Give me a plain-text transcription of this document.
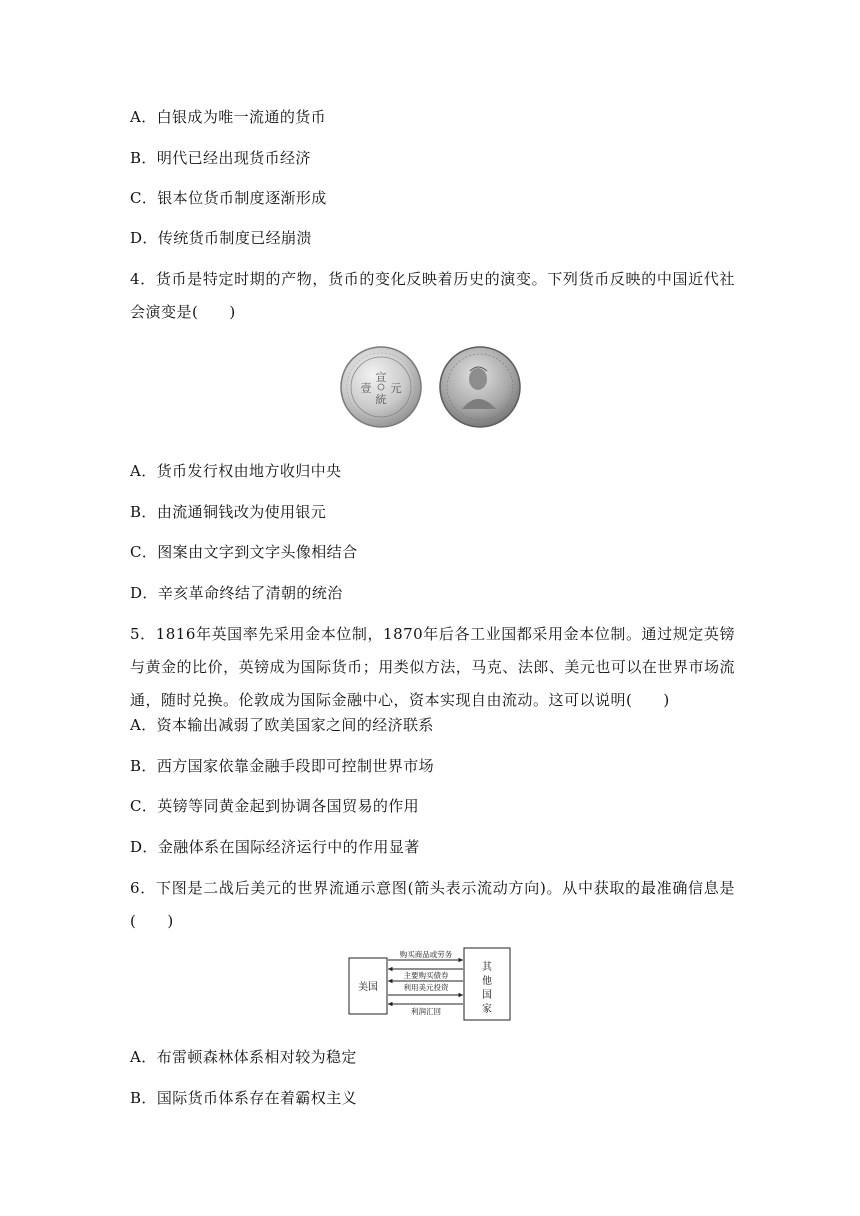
A．白银成为唯一流通的货币
B．明代已经出现货币经济
C．银本位货币制度逐渐形成
D．传统货币制度已经崩溃
4．货币是特定时期的产物，货币的变化反映着历史的演变。下列货币反映的中国近代社会演变是(　　)
宣
元
壹
統
A．货币发行权由地方收归中央
B．由流通铜钱改为使用银元
C．图案由文字到文字头像相结合
D．辛亥革命终结了清朝的统治
5．1816年英国率先采用金本位制，1870年后各工业国都采用金本位制。通过规定英镑与黄金的比价，英镑成为国际货币；用类似方法，马克、法郎、美元也可以在世界市场流通，随时兑换。伦敦成为国际金融中心，资本实现自由流动。这可以说明(　　)
A．资本输出减弱了欧美国家之间的经济联系
B．西方国家依靠金融手段即可控制世界市场
C．英镑等同黄金起到协调各国贸易的作用
D．金融体系在国际经济运行中的作用显著
6．下图是二战后美元的世界流通示意图(箭头表示流动方向)。从中获取的最准确信息是(　　)
美国
其
他
国
家
其他国家
购买商品或劳务
主要购买债券
利用美元投资
利润汇回
A．布雷顿森林体系相对较为稳定
B．国际货币体系存在着霸权主义
